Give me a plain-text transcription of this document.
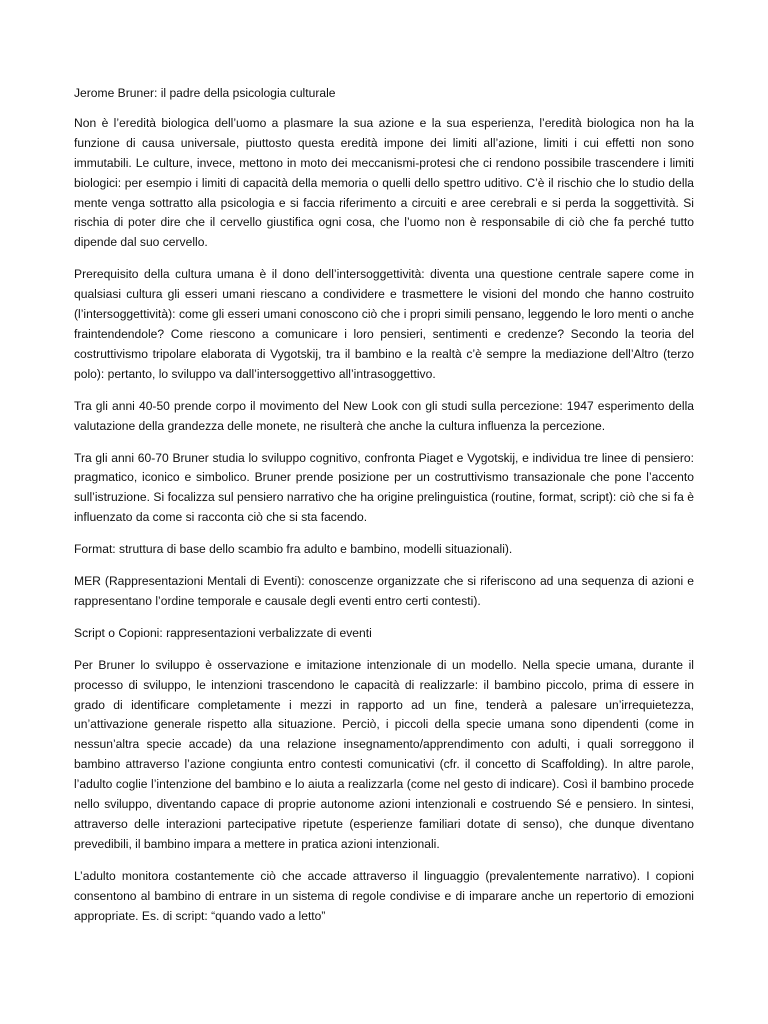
Jerome Bruner: il padre della psicologia culturale

Non è l’eredità biologica dell’uomo a plasmare la sua azione e la sua esperienza, l’eredità biologica non ha la funzione di causa universale, piuttosto questa eredità impone dei limiti all’azione, limiti i cui effetti non sono immutabili. Le culture, invece, mettono in moto dei meccanismi-protesi che ci rendono possibile trascendere i limiti biologici: per esempio i limiti di capacità della memoria o quelli dello spettro uditivo. C’è il rischio che lo studio della mente venga sottratto alla psicologia e si faccia riferimento a circuiti e aree cerebrali e si perda la soggettività. Si rischia di poter dire che il cervello giustifica ogni cosa, che l’uomo non è responsabile di ciò che fa perché tutto dipende dal suo cervello.

Prerequisito della cultura umana è il dono dell’intersoggettività: diventa una questione centrale sapere come in qualsiasi cultura gli esseri umani riescano a condividere e trasmettere le visioni del mondo che hanno costruito (l’intersoggettività): come gli esseri umani conoscono ciò che i propri simili pensano, leggendo le loro menti o anche fraintendendole? Come riescono a comunicare i loro pensieri, sentimenti e credenze? Secondo la teoria del costruttivismo tripolare elaborata di Vygotskij, tra il bambino e la realtà c’è sempre la mediazione dell’Altro (terzo polo): pertanto, lo sviluppo va dall’intersoggettivo all’intrasoggettivo.

Tra gli anni 40-50 prende corpo il movimento del New Look con gli studi sulla percezione: 1947 esperimento della valutazione della grandezza delle monete, ne risulterà che anche la cultura influenza la percezione.

Tra gli anni 60-70 Bruner studia lo sviluppo cognitivo, confronta Piaget e Vygotskij, e individua tre linee di pensiero: pragmatico, iconico e simbolico. Bruner prende posizione per un costruttivismo transazionale che pone l’accento sull’istruzione. Si focalizza sul pensiero narrativo che ha origine prelinguistica (routine, format, script): ciò che si fa è influenzato da come si racconta ciò che si sta facendo.

Format: struttura di base dello scambio fra adulto e bambino, modelli situazionali).

MER (Rappresentazioni Mentali di Eventi): conoscenze organizzate che si riferiscono ad una sequenza di azioni e rappresentano l’ordine temporale e causale degli eventi entro certi contesti).

Script o Copioni: rappresentazioni verbalizzate di eventi

Per Bruner lo sviluppo è osservazione e imitazione intenzionale di un modello. Nella specie umana, durante il processo di sviluppo, le intenzioni trascendono le capacità di realizzarle: il bambino piccolo, prima di essere in grado di identificare completamente i mezzi in rapporto ad un fine, tenderà a palesare un’irrequietezza, un’attivazione generale rispetto alla situazione. Perciò, i piccoli della specie umana sono dipendenti (come in nessun’altra specie accade) da una relazione insegnamento/apprendimento con adulti, i quali sorreggono il bambino attraverso l’azione congiunta entro contesti comunicativi (cfr. il concetto di Scaffolding). In altre parole, l’adulto coglie l’intenzione del bambino e lo aiuta a realizzarla (come nel gesto di indicare). Così il bambino procede nello sviluppo, diventando capace di proprie autonome azioni intenzionali e costruendo Sé e pensiero. In sintesi, attraverso delle interazioni partecipative ripetute (esperienze familiari dotate di senso), che dunque diventano prevedibili, il bambino impara a mettere in pratica azioni intenzionali.

L’adulto monitora costantemente ciò che accade attraverso il linguaggio (prevalentemente narrativo). I copioni consentono al bambino di entrare in un sistema di regole condivise e di imparare anche un repertorio di emozioni appropriate. Es. di script: “quando vado a letto”
